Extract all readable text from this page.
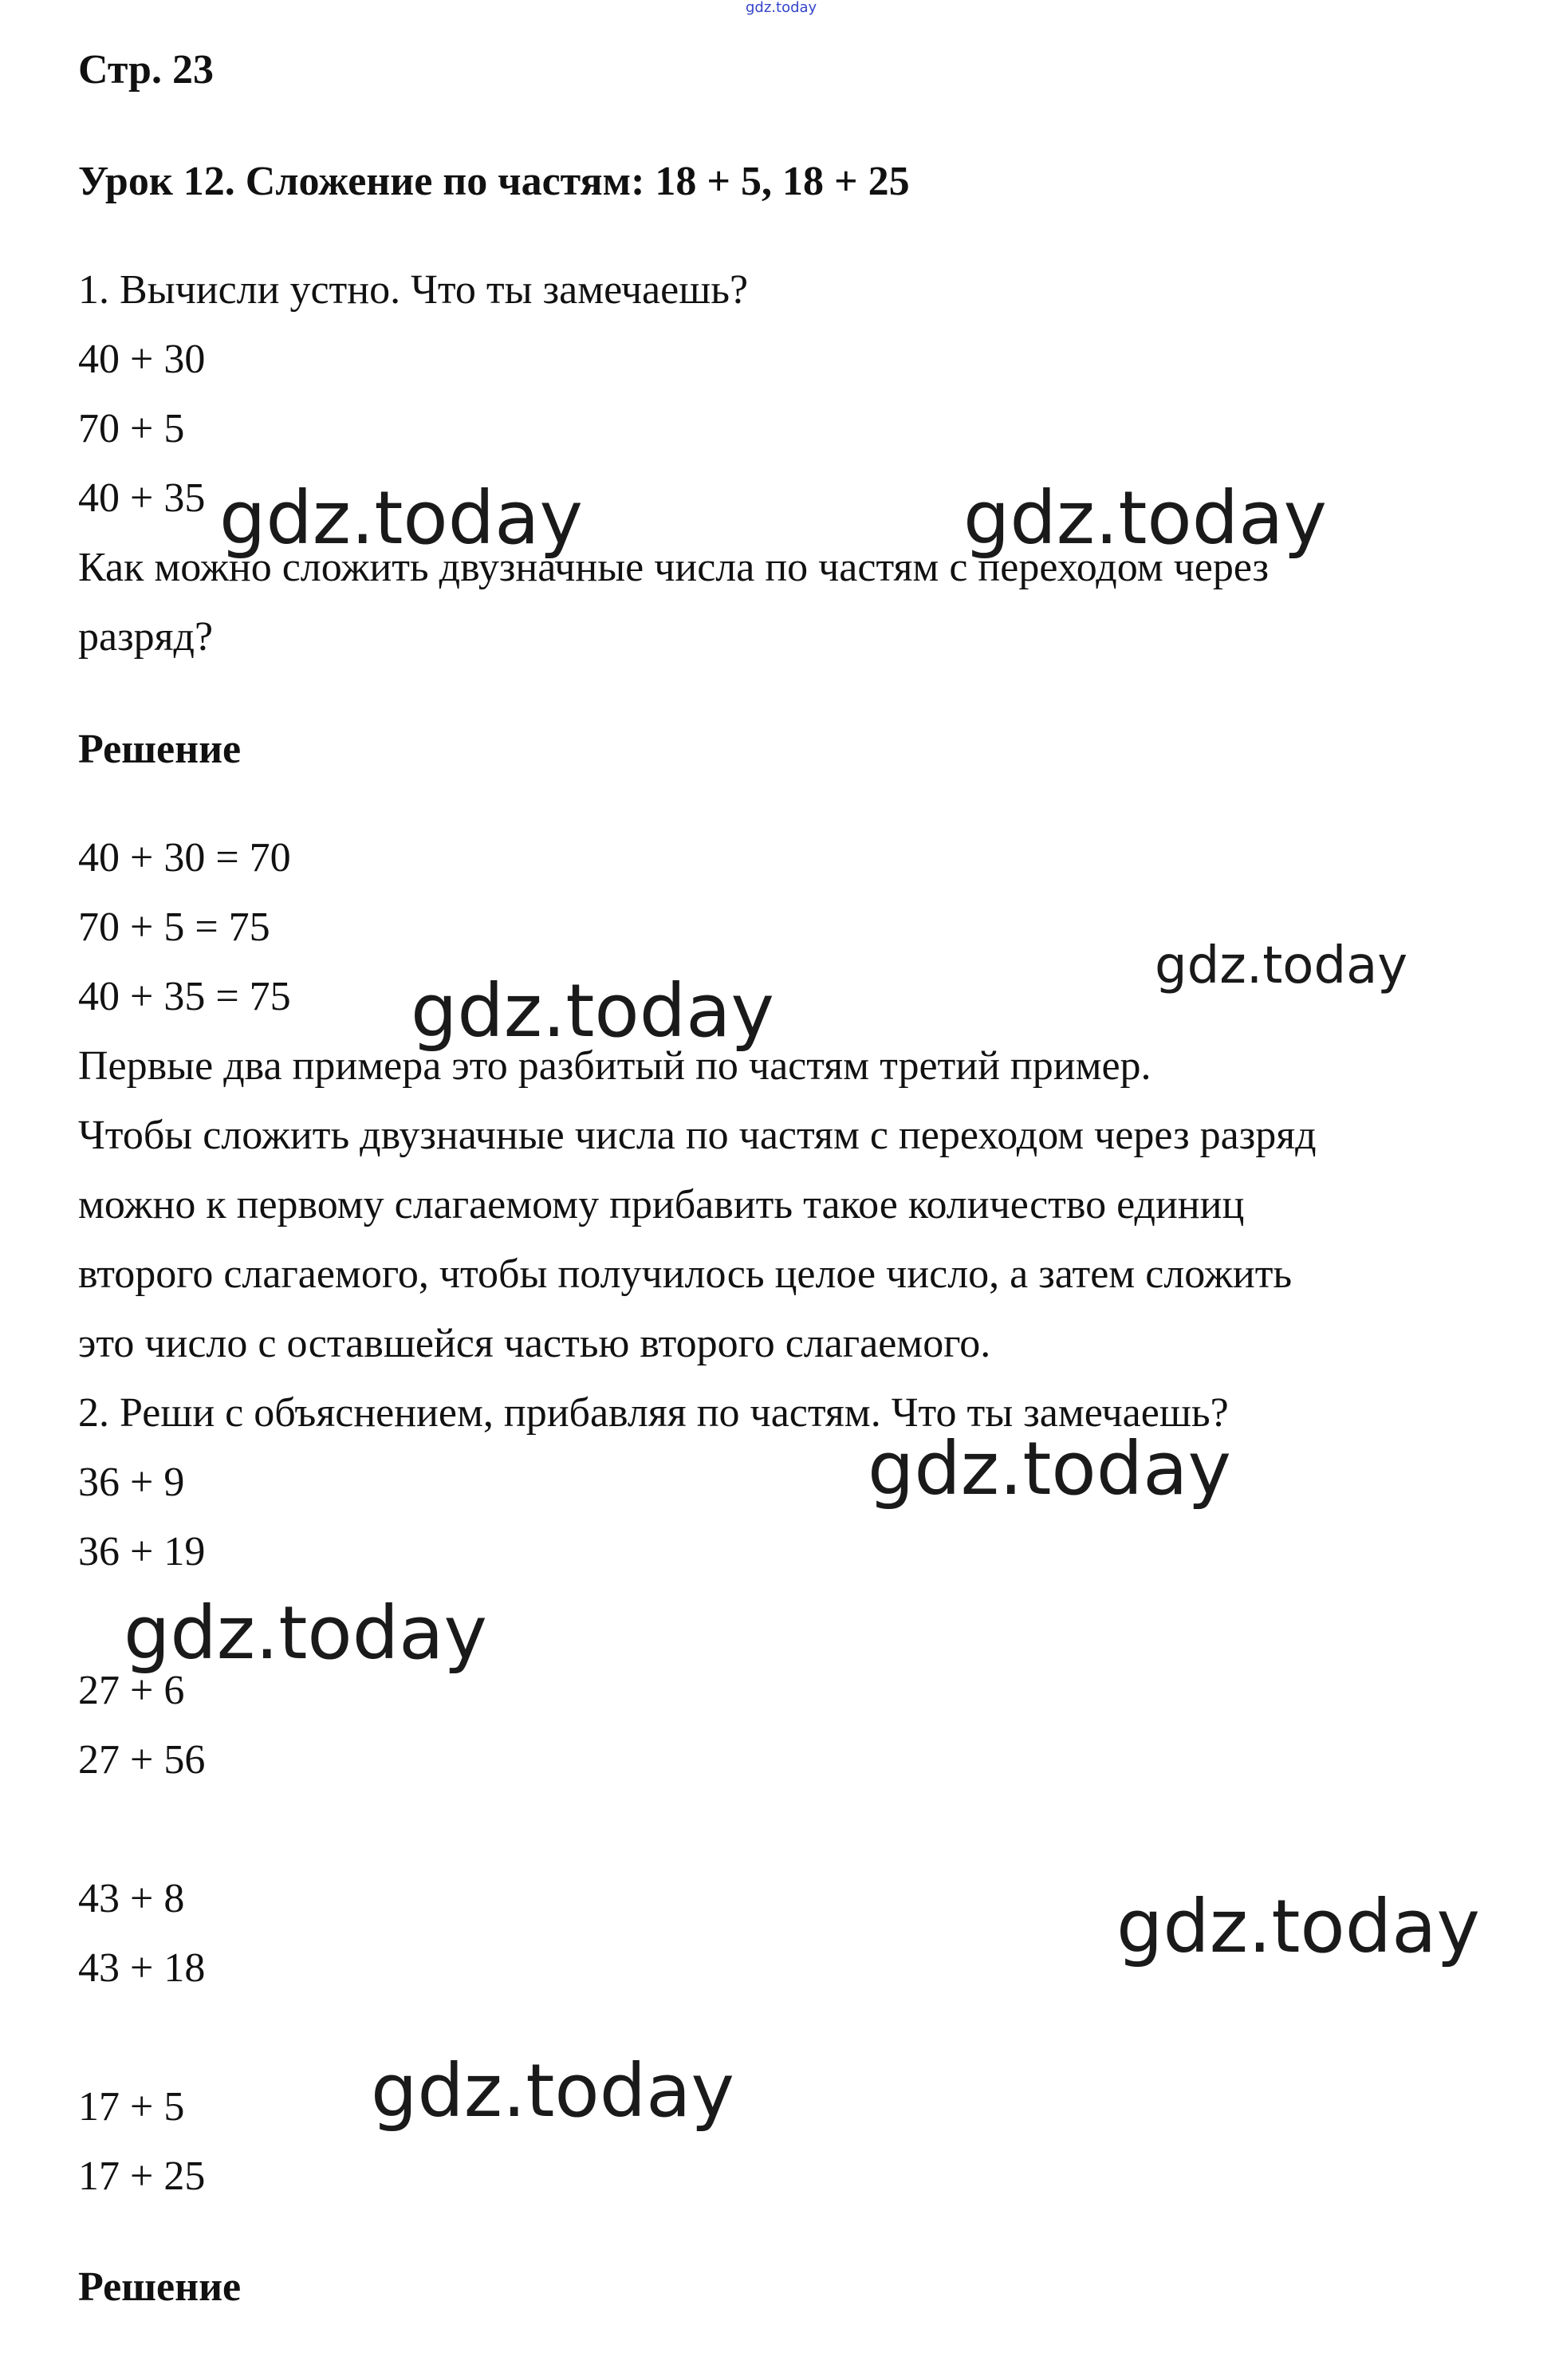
gdz.today
Стр. 23
Урок 12. Сложение по частям: 18 + 5, 18 + 25
1. Вычисли устно. Что ты замечаешь?
40 + 30
70 + 5
40 + 35
Как можно сложить двузначные числа по частям с переходом через
разряд?
Решение
40 + 30 = 70
70 + 5 = 75
40 + 35 = 75
Первые два примера это разбитый по частям третий пример.
Чтобы сложить двузначные числа по частям с переходом через разряд
можно к первому слагаемому прибавить такое количество единиц
второго слагаемого, чтобы получилось целое число, а затем сложить
это число с оставшейся частью второго слагаемого.
2. Реши с объяснением, прибавляя по частям. Что ты замечаешь?
36 + 9
36 + 19
27 + 6
27 + 56
43 + 8
43 + 18
17 + 5
17 + 25
Решение
gdz.today	gdz.today
gdz.today
gdz.today
gdz.today
gdz.today
gdz.today
gdz.today
